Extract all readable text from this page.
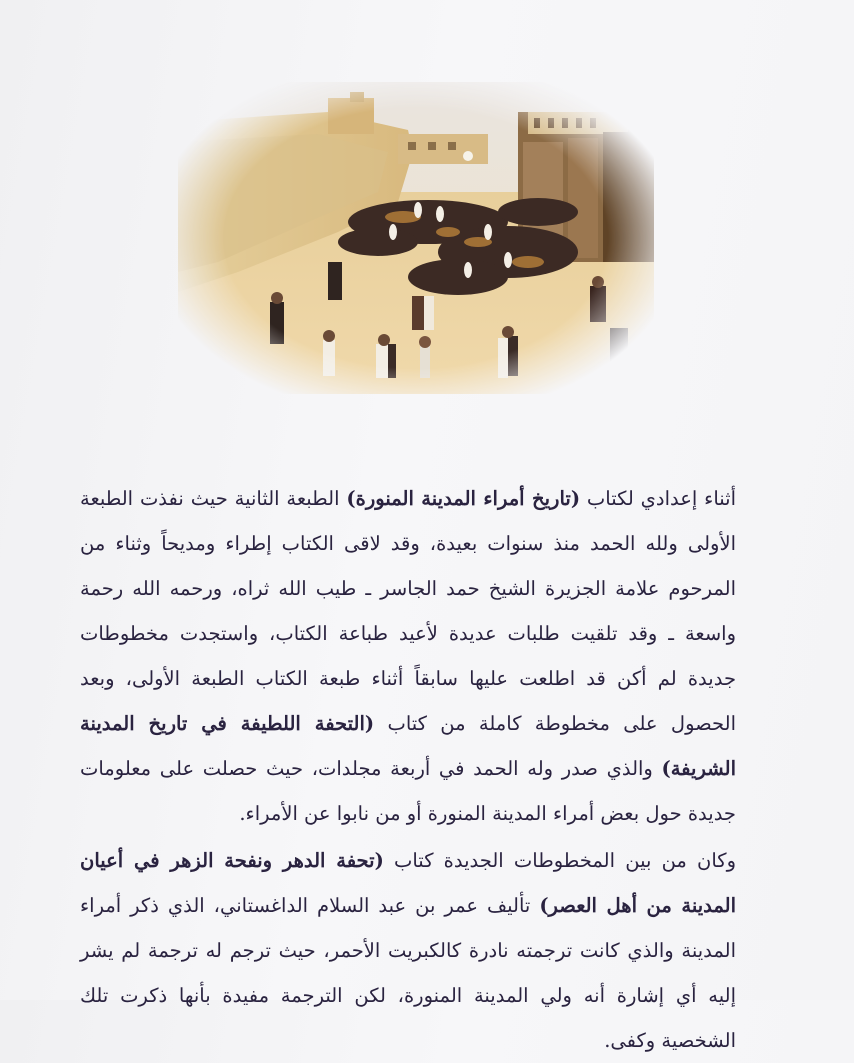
أثناء إعدادي لكتاب (تاريخ أمراء المدينة المنورة) الطبعة الثانية حيث نفذت الطبعة الأولى ولله الحمد منذ سنوات بعيدة، وقد لاقى الكتاب إطراء ومديحاً وثناء من المرحوم علامة الجزيرة الشيخ حمد الجاسر ـ طيب الله ثراه، ورحمه الله رحمة واسعة ـ وقد تلقيت طلبات عديدة لأعيد طباعة الكتاب، واستجدت مخطوطات جديدة لم أكن قد اطلعت عليها سابقاً أثناء طبعة الكتاب الطبعة الأولى، وبعد الحصول على مخطوطة كاملة من كتاب (التحفة اللطيفة في تاريخ المدينة الشريفة) والذي صدر وله الحمد في أربعة مجلدات، حيث حصلت على معلومات جديدة حول بعض أمراء المدينة المنورة أو من نابوا عن الأمراء.

وكان من بين المخطوطات الجديدة كتاب (تحفة الدهر ونفحة الزهر في أعيان المدينة من أهل العصر) تأليف عمر بن عبد السلام الداغستاني، الذي ذكر أمراء المدينة والذي كانت ترجمته نادرة كالكبريت الأحمر، حيث ترجم له ترجمة لم يشر إليه أي إشارة أنه ولي المدينة المنورة، لكن الترجمة مفيدة بأنها ذكرت تلك الشخصية وكفى.
